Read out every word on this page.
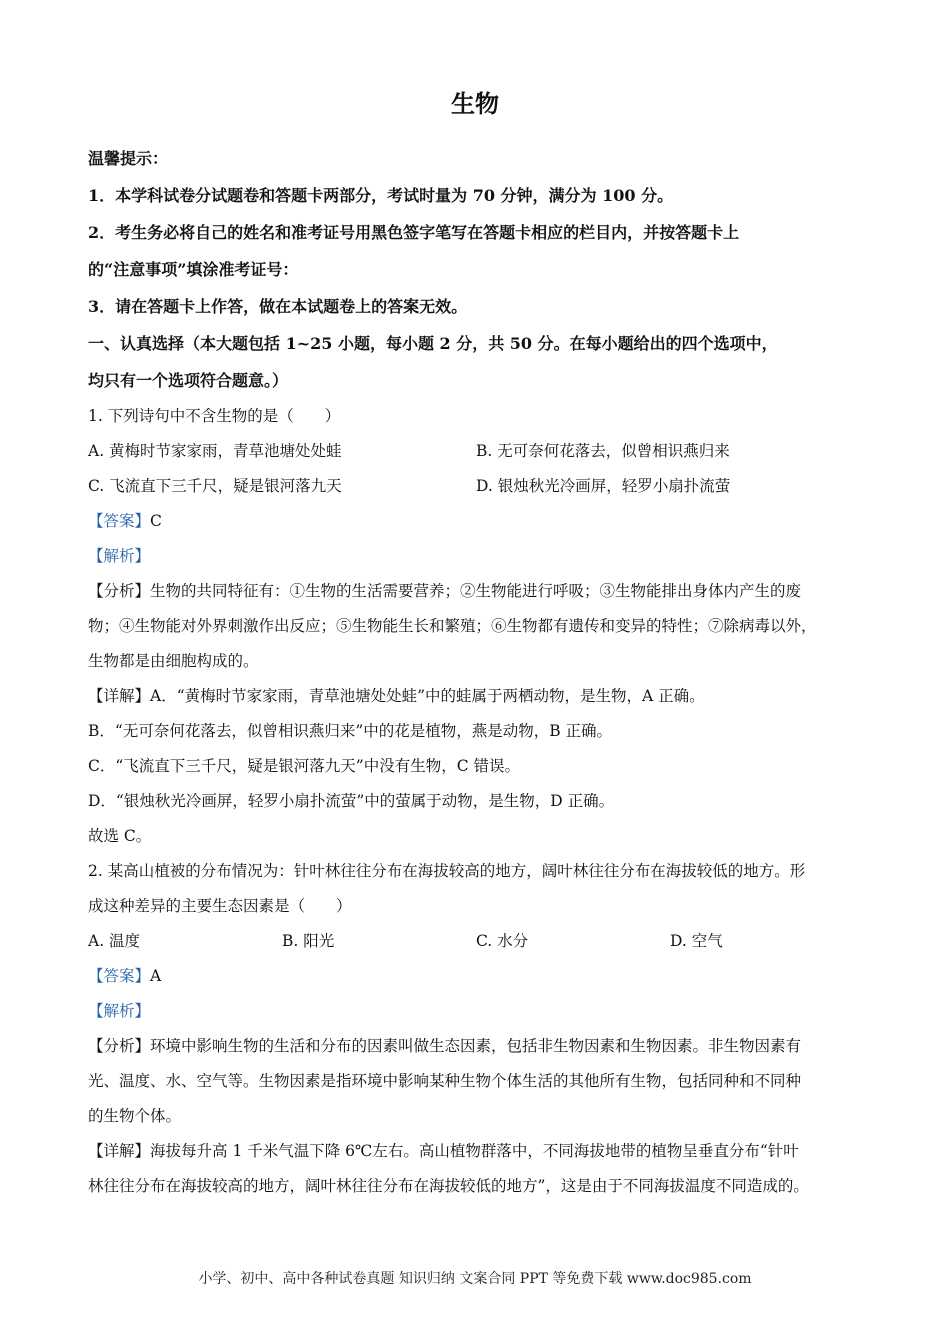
生物
温馨提示：
1．本学科试卷分试题卷和答题卡两部分，考试时量为 70 分钟，满分为 100 分。
2．考生务必将自己的姓名和准考证号用黑色签字笔写在答题卡相应的栏目内，并按答题卡上
的“注意事项”填涂准考证号：
3．请在答题卡上作答，做在本试题卷上的答案无效。
一、认真选择（本大题包括 1~25 小题，每小题 2 分，共 50 分。在每小题给出的四个选项中，
均只有一个选项符合题意。）
1. 下列诗句中不含生物的是（　　）
A. 黄梅时节家家雨，青草池塘处处蛙	B. 无可奈何花落去，似曾相识燕归来
C. 飞流直下三千尺，疑是银河落九天	D. 银烛秋光冷画屏，轻罗小扇扑流萤
【答案】C
【解析】
【分析】生物的共同特征有：①生物的生活需要营养；②生物能进行呼吸；③生物能排出身体内产生的废
物；④生物能对外界刺激作出反应；⑤生物能生长和繁殖；⑥生物都有遗传和变异的特性；⑦除病毒以外，
生物都是由细胞构成的。
【详解】A．“黄梅时节家家雨，青草池塘处处蛙”中的蛙属于两栖动物，是生物，A 正确。
B．“无可奈何花落去，似曾相识燕归来”中的花是植物，燕是动物，B 正确。
C．“飞流直下三千尺，疑是银河落九天”中没有生物，C 错误。
D．“银烛秋光冷画屏，轻罗小扇扑流萤”中的萤属于动物，是生物，D 正确。
故选 C。
2. 某高山植被的分布情况为：针叶林往往分布在海拔较高的地方，阔叶林往往分布在海拔较低的地方。形
成这种差异的主要生态因素是（　　）
A. 温度	B. 阳光	C. 水分	D. 空气
【答案】A
【解析】
【分析】环境中影响生物的生活和分布的因素叫做生态因素，包括非生物因素和生物因素。非生物因素有
光、温度、水、空气等。生物因素是指环境中影响某种生物个体生活的其他所有生物，包括同种和不同种
的生物个体。
【详解】海拔每升高 1 千米气温下降 6℃左右。高山植物群落中，不同海拔地带的植物呈垂直分布“针叶
林往往分布在海拔较高的地方，阔叶林往往分布在海拔较低的地方”，这是由于不同海拔温度不同造成的。
小学、初中、高中各种试卷真题 知识归纳 文案合同 PPT 等免费下载 www.doc985.com
